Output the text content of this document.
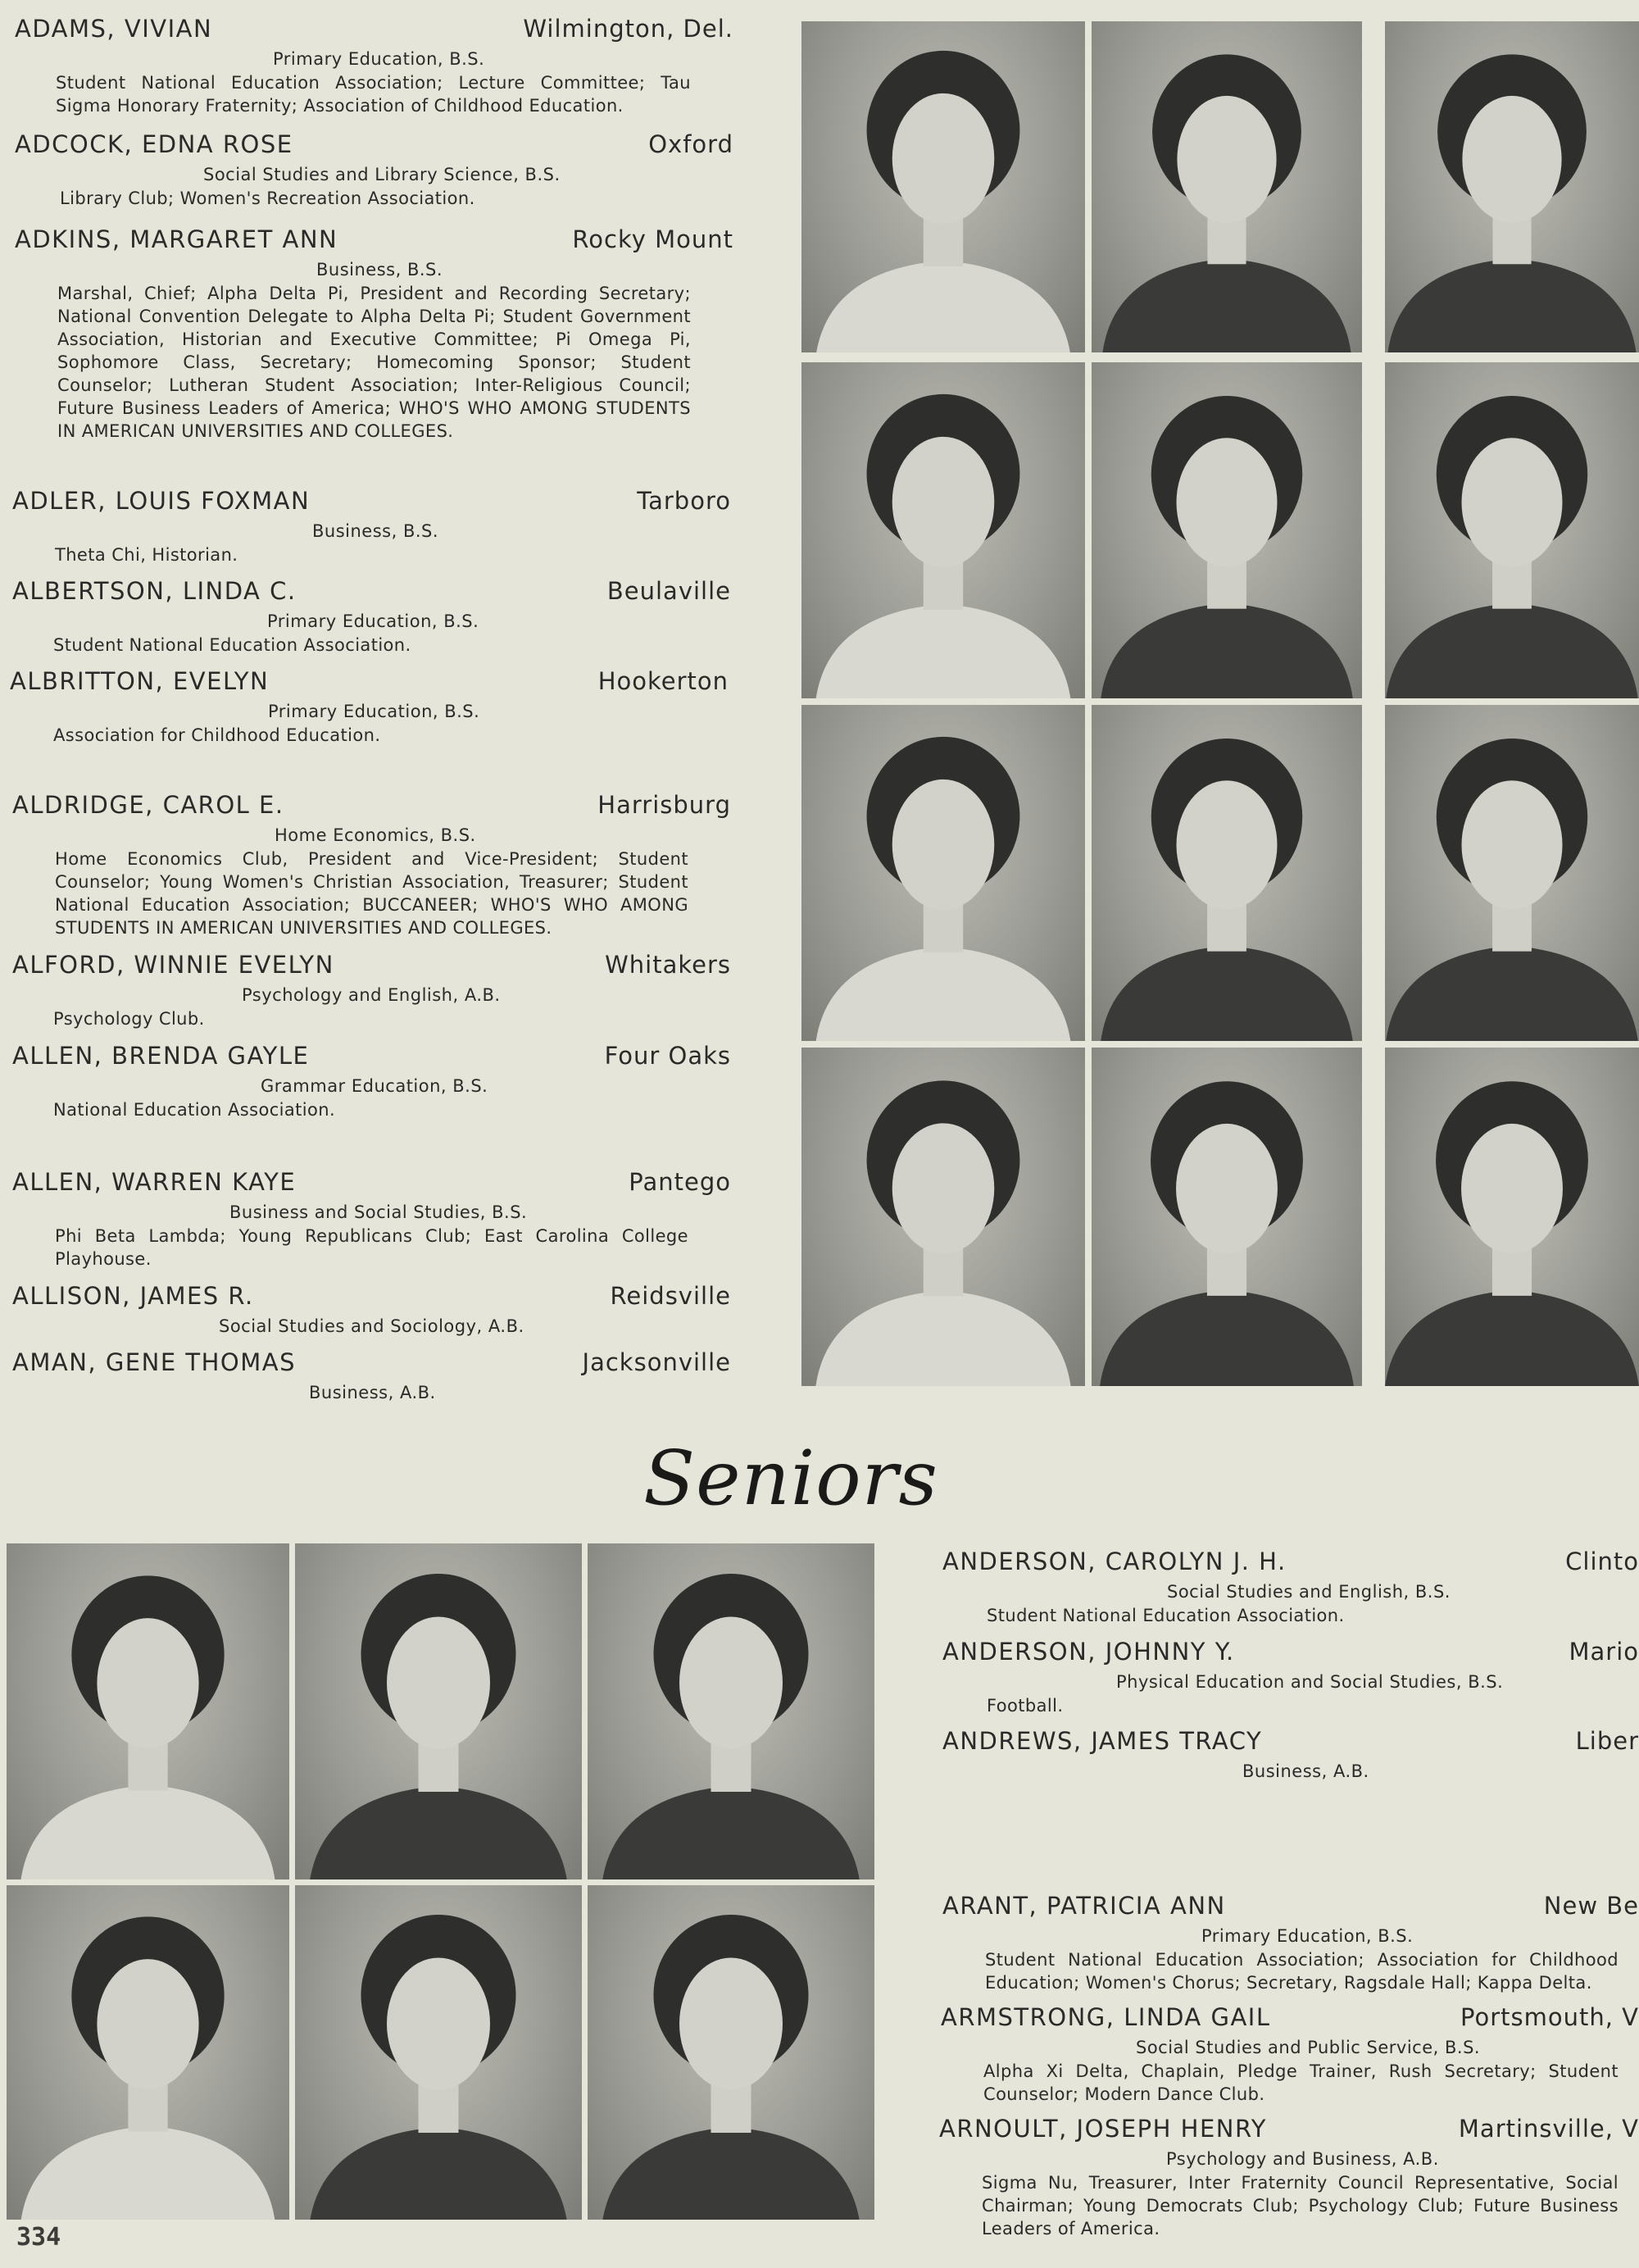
ADAMS, VIVIAN	Wilmington, Del.
Primary Education, B.S.

Student National Education Association; Lecture Committee; Tau Sigma Honorary Fraternity; Association of Childhood Education.

ADCOCK, EDNA ROSE	Oxford
Social Studies and Library Science, B.S.

Library Club; Women's Recreation Association.

ADKINS, MARGARET ANN	Rocky Mount
Business, B.S.

Marshal, Chief; Alpha Delta Pi, President and Recording Secretary; National Convention Delegate to Alpha Delta Pi; Student Government Association, Historian and Executive Committee; Pi Omega Pi, Sophomore Class, Secretary; Homecoming Sponsor; Student Counselor; Lutheran Student Association; Inter-Religious Council; Future Business Leaders of America; WHO'S WHO AMONG STUDENTS IN AMERICAN UNIVERSITIES AND COLLEGES.

ADLER, LOUIS FOXMAN	Tarboro
Business, B.S.

Theta Chi, Historian.

ALBERTSON, LINDA C.	Beulaville
Primary Education, B.S.

Student National Education Association.

ALBRITTON, EVELYN	Hookerton
Primary Education, B.S.

Association for Childhood Education.

ALDRIDGE, CAROL E.	Harrisburg
Home Economics, B.S.

Home Economics Club, President and Vice-President; Student Counselor; Young Women's Christian Association, Treasurer; Student National Education Association; BUCCANEER; WHO'S WHO AMONG STUDENTS IN AMERICAN UNIVERSITIES AND COLLEGES.

ALFORD, WINNIE EVELYN	Whitakers
Psychology and English, A.B.

Psychology Club.

ALLEN, BRENDA GAYLE	Four Oaks
Grammar Education, B.S.

National Education Association.

ALLEN, WARREN KAYE	Pantego
Business and Social Studies, B.S.

Phi Beta Lambda; Young Republicans Club; East Carolina College Playhouse.

ALLISON, JAMES R.	Reidsville
Social Studies and Sociology, A.B.
AMAN, GENE THOMAS	Jacksonville
Business, A.B.
Seniors
ANDERSON, CAROLYN J. H.	Clinto
Social Studies and English, B.S.

Student National Education Association.

ANDERSON, JOHNNY Y.	Mario
Physical Education and Social Studies, B.S.

Football.

ANDREWS, JAMES TRACY	Liber
Business, A.B.
ARANT, PATRICIA ANN	New Be
Primary Education, B.S.

Student National Education Association; Association for Childhood Education; Women's Chorus; Secretary, Ragsdale Hall; Kappa Delta.

ARMSTRONG, LINDA GAIL	Portsmouth, V
Social Studies and Public Service, B.S.

Alpha Xi Delta, Chaplain, Pledge Trainer, Rush Secretary; Student Counselor; Modern Dance Club.

ARNOULT, JOSEPH HENRY	Martinsville, V
Psychology and Business, A.B.

Sigma Nu, Treasurer, Inter Fraternity Council Representative, Social Chairman; Young Democrats Club; Psychology Club; Future Business Leaders of America.

334
